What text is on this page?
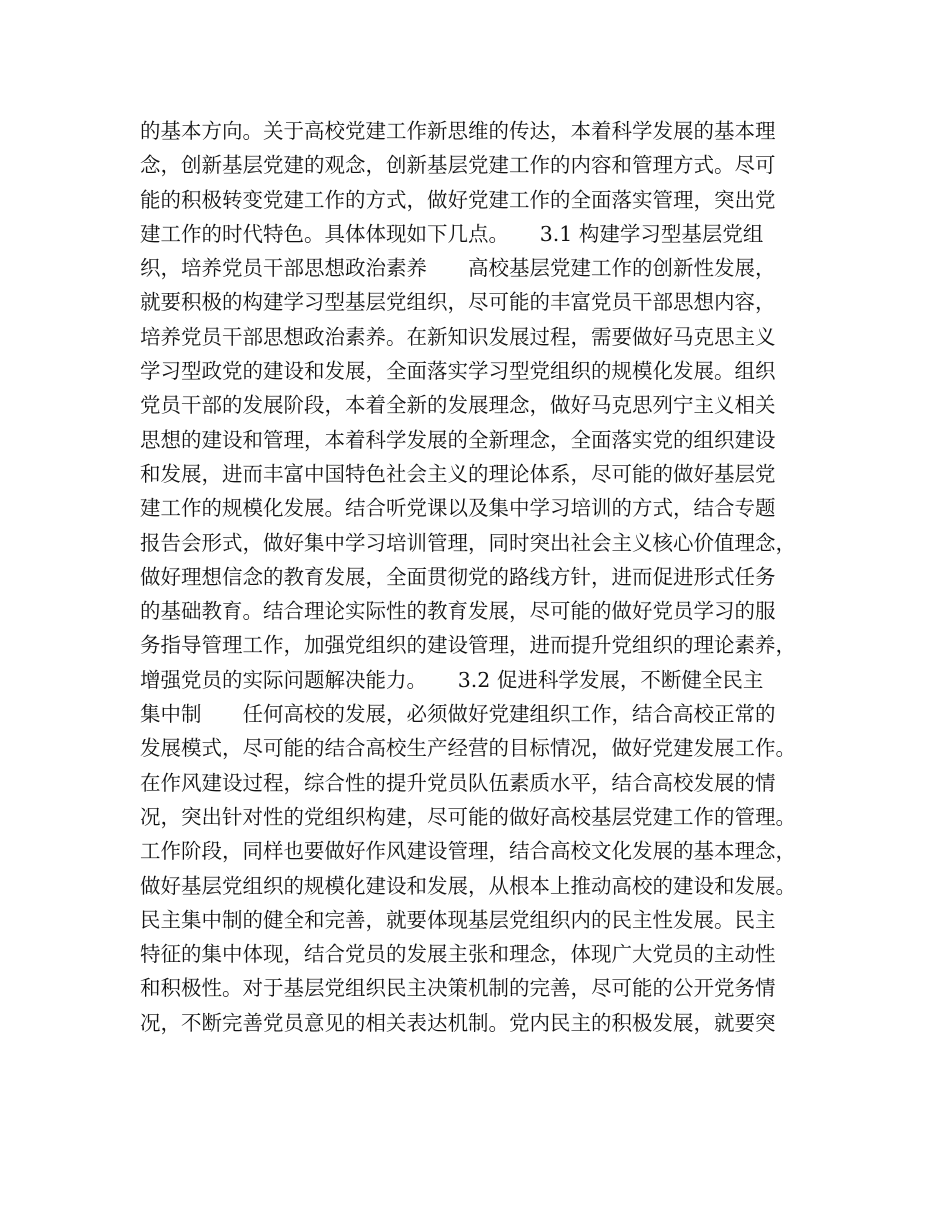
的基本方向。关于高校党建工作新思维的传达，本着科学发展的基本理
念，创新基层党建的观念，创新基层党建工作的内容和管理方式。尽可
能的积极转变党建工作的方式，做好党建工作的全面落实管理，突出党
建工作的时代特色。具体体现如下几点。　　3.1 构建学习型基层党组
织，培养党员干部思想政治素养　　高校基层党建工作的创新性发展，
就要积极的构建学习型基层党组织，尽可能的丰富党员干部思想内容，
培养党员干部思想政治素养。在新知识发展过程，需要做好马克思主义
学习型政党的建设和发展，全面落实学习型党组织的规模化发展。组织
党员干部的发展阶段，本着全新的发展理念，做好马克思列宁主义相关
思想的建设和管理，本着科学发展的全新理念，全面落实党的组织建设
和发展，进而丰富中国特色社会主义的理论体系，尽可能的做好基层党
建工作的规模化发展。结合听党课以及集中学习培训的方式，结合专题
报告会形式，做好集中学习培训管理，同时突出社会主义核心价值理念，
做好理想信念的教育发展，全面贯彻党的路线方针，进而促进形式任务
的基础教育。结合理论实际性的教育发展，尽可能的做好党员学习的服
务指导管理工作，加强党组织的建设管理，进而提升党组织的理论素养，
增强党员的实际问题解决能力。　　3.2 促进科学发展，不断健全民主
集中制　　任何高校的发展，必须做好党建组织工作，结合高校正常的
发展模式，尽可能的结合高校生产经营的目标情况，做好党建发展工作。
在作风建设过程，综合性的提升党员队伍素质水平，结合高校发展的情
况，突出针对性的党组织构建，尽可能的做好高校基层党建工作的管理。
工作阶段，同样也要做好作风建设管理，结合高校文化发展的基本理念，
做好基层党组织的规模化建设和发展，从根本上推动高校的建设和发展。
民主集中制的健全和完善，就要体现基层党组织内的民主性发展。民主
特征的集中体现，结合党员的发展主张和理念，体现广大党员的主动性
和积极性。对于基层党组织民主决策机制的完善，尽可能的公开党务情
况，不断完善党员意见的相关表达机制。党内民主的积极发展，就要突
